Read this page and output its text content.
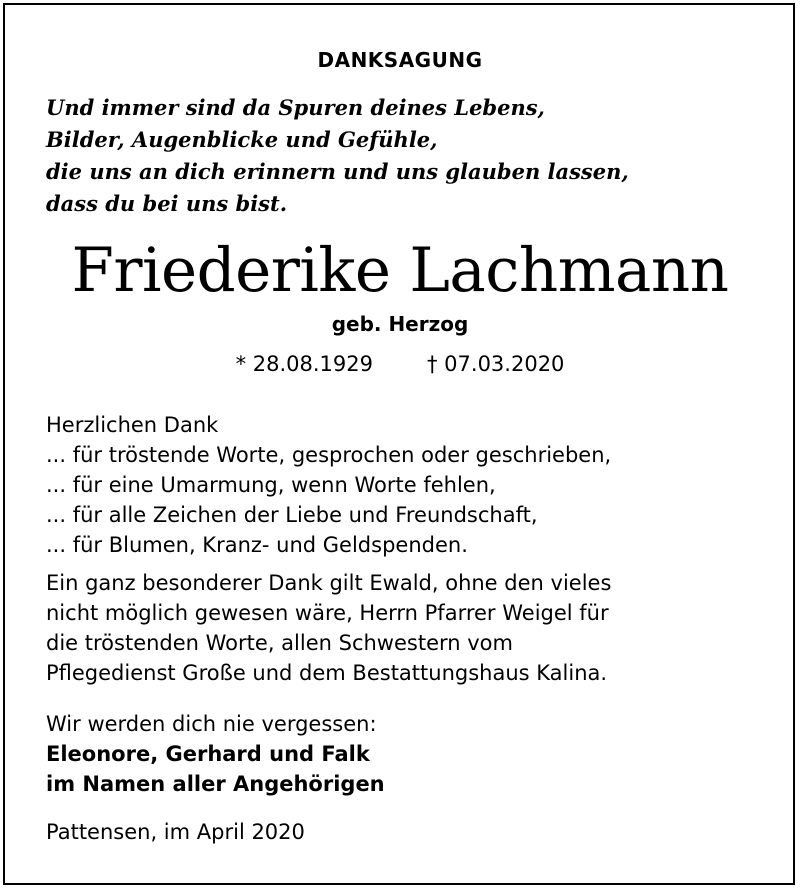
DANKSAGUNG
Und immer sind da Spuren deines Lebens,
Bilder, Augenblicke und Gefühle,
die uns an dich erinnern und uns glauben lassen,
dass du bei uns bist.
Friederike Lachmann
geb. Herzog
* 28.08.1929	† 07.03.2020
Herzlichen Dank
... für tröstende Worte, gesprochen oder geschrieben,
... für eine Umarmung, wenn Worte fehlen,
... für alle Zeichen der Liebe und Freundschaft,
... für Blumen, Kranz- und Geldspenden.
Ein ganz besonderer Dank gilt Ewald, ohne den vieles
nicht möglich gewesen wäre, Herrn Pfarrer Weigel für
die tröstenden Worte, allen Schwestern vom
Pflegedienst Große und dem Bestattungshaus Kalina.
Wir werden dich nie vergessen:
Eleonore, Gerhard und Falk
im Namen aller Angehörigen
Pattensen, im April 2020
